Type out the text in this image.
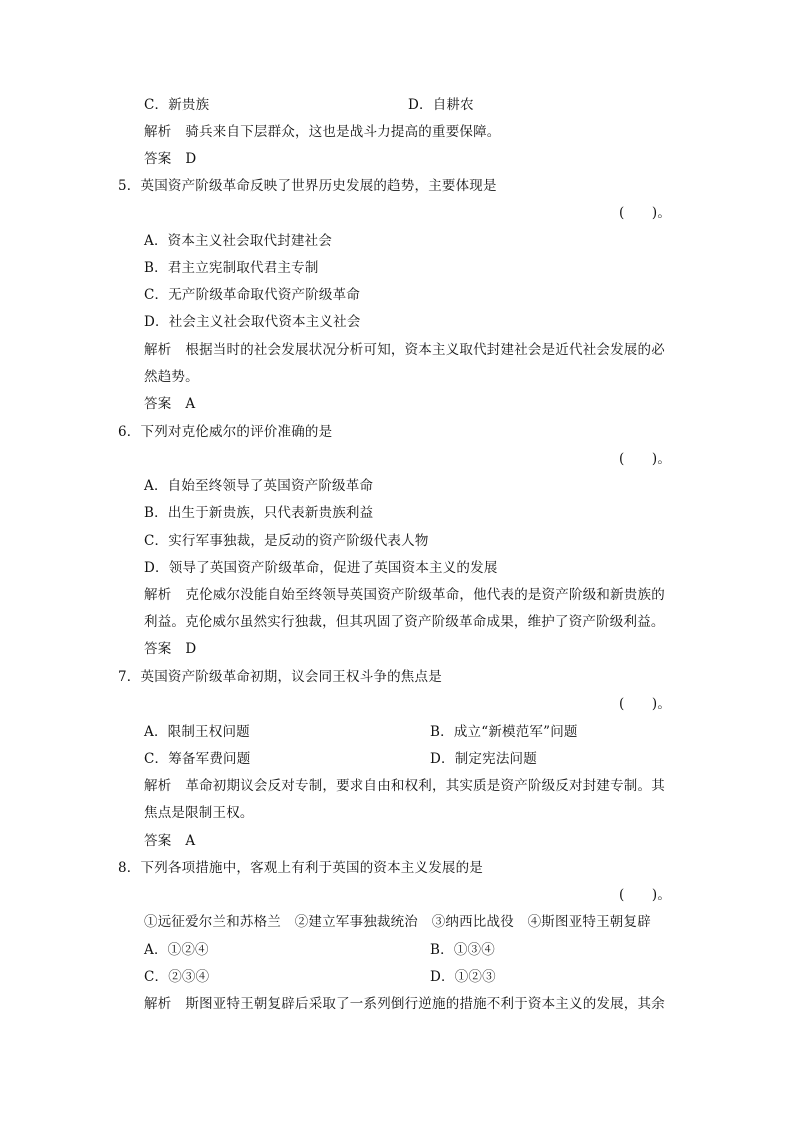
C．新贵族	D．自耕农
解析 骑兵来自下层群众，这也是战斗力提高的重要保障。
答案 D
5．英国资产阶级革命反映了世界历史发展的趋势，主要体现是
(　　)。
A．资本主义社会取代封建社会
B．君主立宪制取代君主专制
C．无产阶级革命取代资产阶级革命
D．社会主义社会取代资本主义社会
解析 根据当时的社会发展状况分析可知，资本主义取代封建社会是近代社会发展的必
然趋势。
答案 A
6．下列对克伦威尔的评价准确的是
(　　)。
A．自始至终领导了英国资产阶级革命
B．出生于新贵族，只代表新贵族利益
C．实行军事独裁，是反动的资产阶级代表人物
D．领导了英国资产阶级革命，促进了英国资本主义的发展
解析 克伦威尔没能自始至终领导英国资产阶级革命，他代表的是资产阶级和新贵族的
利益。克伦威尔虽然实行独裁，但其巩固了资产阶级革命成果，维护了资产阶级利益。
答案 D
7．英国资产阶级革命初期，议会同王权斗争的焦点是
(　　)。
A．限制王权问题	B．成立“新模范军”问题
C．筹备军费问题	D．制定宪法问题
解析 革命初期议会反对专制，要求自由和权利，其实质是资产阶级反对封建专制。其
焦点是限制王权。
答案 A
8．下列各项措施中，客观上有利于英国的资本主义发展的是
(　　)。
①远征爱尔兰和苏格兰　②建立军事独裁统治　③纳西比战役　④斯图亚特王朝复辟
A．①②④	B．①③④
C．②③④	D．①②③
解析 斯图亚特王朝复辟后采取了一系列倒行逆施的措施不利于资本主义的发展，其余
